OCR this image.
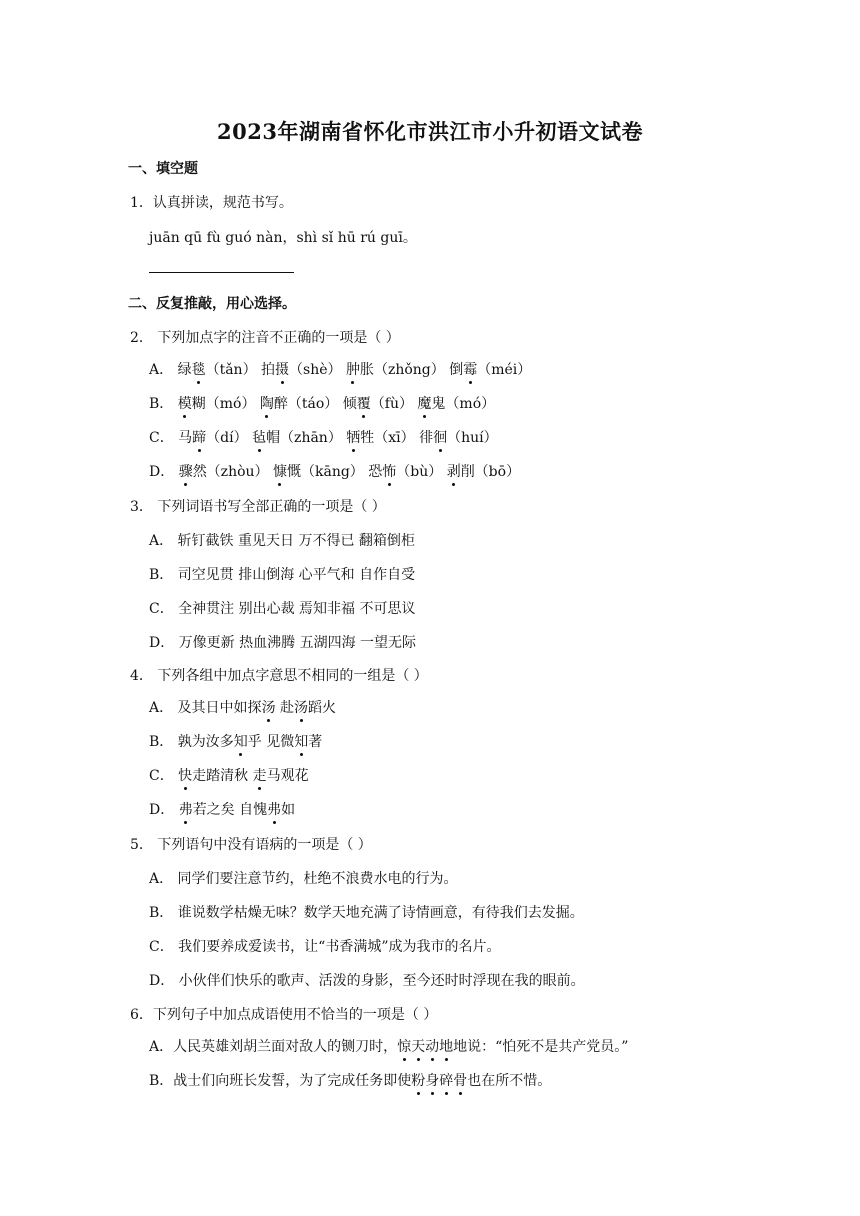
2023年湖南省怀化市洪江市小升初语文试卷
一、填空题
1．认真拼读，规范书写。
juān qū fù guó nàn，shì sǐ hū rú guī。
二、反复推敲，用心选择。
2． 下列加点字的注音不正确的一项是（ ）
A． 绿毯（tǎn） 拍摄（shè） 肿胀（zhǒng） 倒霉（méi）
B． 模糊（mó） 陶醉（táo） 倾覆（fù） 魔鬼（mó）
C． 马蹄（dí） 毡帽（zhān） 牺牲（xī） 徘徊（huí）
D． 骤然（zhòu） 慷慨（kāng） 恐怖（bù） 剥削（bō）
3． 下列词语书写全部正确的一项是（ ）
A． 斩钉截铁 重见天日 万不得已 翻箱倒柜
B． 司空见贯 排山倒海 心平气和 自作自受
C． 全神贯注 别出心裁 焉知非福 不可思议
D． 万像更新 热血沸腾 五湖四海 一望无际
4． 下列各组中加点字意思不相同的一组是（ ）
A． 及其日中如探汤 赴汤蹈火
B． 孰为汝多知乎 见微知著
C． 快走踏清秋 走马观花
D． 弗若之矣 自愧弗如
5． 下列语句中没有语病的一项是（ ）
A． 同学们要注意节约，杜绝不浪费水电的行为。
B． 谁说数学枯燥无味？数学天地充满了诗情画意，有待我们去发掘。
C． 我们要养成爱读书，让“书香满城”成为我市的名片。
D． 小伙伴们快乐的歌声、活泼的身影，至今还时时浮现在我的眼前。
6．下列句子中加点成语使用不恰当的一项是（ ）
A．人民英雄刘胡兰面对敌人的铡刀时，惊天动地地说：“怕死不是共产党员。”
B．战士们向班长发誓，为了完成任务即使粉身碎骨也在所不惜。
